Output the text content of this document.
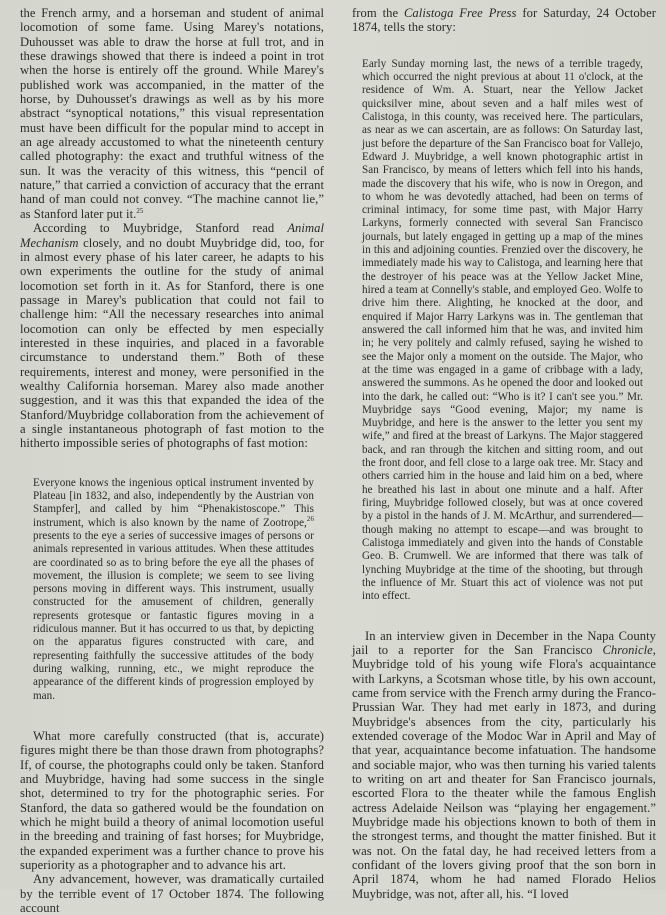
the French army, and a horseman and student of animal locomotion of some fame. Using Marey's notations, Duhousset was able to draw the horse at full trot, and in these drawings showed that there is indeed a point in trot when the horse is entirely off the ground. While Marey's published work was accompanied, in the matter of the horse, by Duhousset's drawings as well as by his more abstract “synoptical notations,” this visual representation must have been difficult for the popular mind to accept in an age already accustomed to what the nineteenth century called photography: the exact and truthful witness of the sun. It was the veracity of this witness, this “pencil of nature,” that carried a conviction of accuracy that the errant hand of man could not convey. “The machine cannot lie,” as Stanford later put it.$^{25}$

According to Muybridge, Stanford read Animal Mechanism closely, and no doubt Muybridge did, too, for in almost every phase of his later career, he adapts to his own experiments the outline for the study of animal locomotion set forth in it. As for Stanford, there is one passage in Marey's publication that could not fail to challenge him: “All the necessary researches into animal locomotion can only be effected by men especially interested in these inquiries, and placed in a favorable circumstance to understand them.” Both of these requirements, interest and money, were personified in the wealthy California horseman. Marey also made another suggestion, and it was this that expanded the idea of the Stanford/Muybridge collaboration from the achievement of a single instantaneous photograph of fast motion to the hitherto impossible series of photographs of fast motion:

Everyone knows the ingenious optical instrument invented by Plateau [in 1832, and also, independently by the Austrian von Stampfer], and called by him “Phenakistoscope.” This instrument, which is also known by the name of Zootrope,$^{26}$ presents to the eye a series of successive images of persons or animals represented in various attitudes. When these attitudes are coordinated so as to bring before the eye all the phases of movement, the illusion is complete; we seem to see living persons moving in different ways. This instrument, usually constructed for the amusement of children, generally represents grotesque or fantastic figures moving in a ridiculous manner. But it has occurred to us that, by depicting on the apparatus figures constructed with care, and representing faithfully the successive attitudes of the body during walking, running, etc., we might reproduce the appearance of the different kinds of progression employed by man.

What more carefully constructed (that is, accurate) figures might there be than those drawn from photographs? If, of course, the photographs could only be taken. Stanford and Muybridge, having had some success in the single shot, determined to try for the photographic series. For Stanford, the data so gathered would be the foundation on which he might build a theory of animal locomotion useful in the breeding and training of fast horses; for Muybridge, the expanded experiment was a further chance to prove his superiority as a photographer and to advance his art.

Any advancement, however, was dramatically curtailed by the terrible event of 17 October 1874. The following account

from the Calistoga Free Press for Saturday, 24 October 1874, tells the story:

Early Sunday morning last, the news of a terrible tragedy, which occurred the night previous at about 11 o'clock, at the residence of Wm. A. Stuart, near the Yellow Jacket quicksilver mine, about seven and a half miles west of Calistoga, in this county, was received here. The particulars, as near as we can ascertain, are as follows: On Saturday last, just before the departure of the San Francisco boat for Vallejo, Edward J. Muybridge, a well known photographic artist in San Francisco, by means of letters which fell into his hands, made the discovery that his wife, who is now in Oregon, and to whom he was devotedly attached, had been on terms of criminal intimacy, for some time past, with Major Harry Larkyns, formerly connected with several San Francisco journals, but lately engaged in getting up a map of the mines in this and adjoining counties. Frenzied over the discovery, he immediately made his way to Calistoga, and learning here that the destroyer of his peace was at the Yellow Jacket Mine, hired a team at Connelly's stable, and employed Geo. Wolfe to drive him there. Alighting, he knocked at the door, and enquired if Major Harry Larkyns was in. The gentleman that answered the call informed him that he was, and invited him in; he very politely and calmly refused, saying he wished to see the Major only a moment on the outside. The Major, who at the time was engaged in a game of cribbage with a lady, answered the summons. As he opened the door and looked out into the dark, he called out: “Who is it? I can't see you.” Mr. Muybridge says “Good evening, Major; my name is Muybridge, and here is the answer to the letter you sent my wife,” and fired at the breast of Larkyns. The Major staggered back, and ran through the kitchen and sitting room, and out the front door, and fell close to a large oak tree. Mr. Stacy and others carried him in the house and laid him on a bed, where he breathed his last in about one minute and a half. After firing, Muybridge followed closely, but was at once covered by a pistol in the hands of J. M. McArthur, and surrendered—though making no attempt to escape—and was brought to Calistoga immediately and given into the hands of Constable Geo. B. Crumwell. We are informed that there was talk of lynching Muybridge at the time of the shooting, but through the influence of Mr. Stuart this act of violence was not put into effect.

In an interview given in December in the Napa County jail to a reporter for the San Francisco Chronicle, Muybridge told of his young wife Flora's acquaintance with Larkyns, a Scotsman whose title, by his own account, came from service with the French army during the Franco-Prussian War. They had met early in 1873, and during Muybridge's absences from the city, particularly his extended coverage of the Modoc War in April and May of that year, acquaintance become infatuation. The handsome and sociable major, who was then turning his varied talents to writing on art and theater for San Francisco journals, escorted Flora to the theater while the famous English actress Adelaide Neilson was “playing her engagement.” Muybridge made his objections known to both of them in the strongest terms, and thought the matter finished. But it was not. On the fatal day, he had received letters from a confidant of the lovers giving proof that the son born in April 1874, whom he had named Florado Helios Muybridge, was not, after all, his. “I loved
